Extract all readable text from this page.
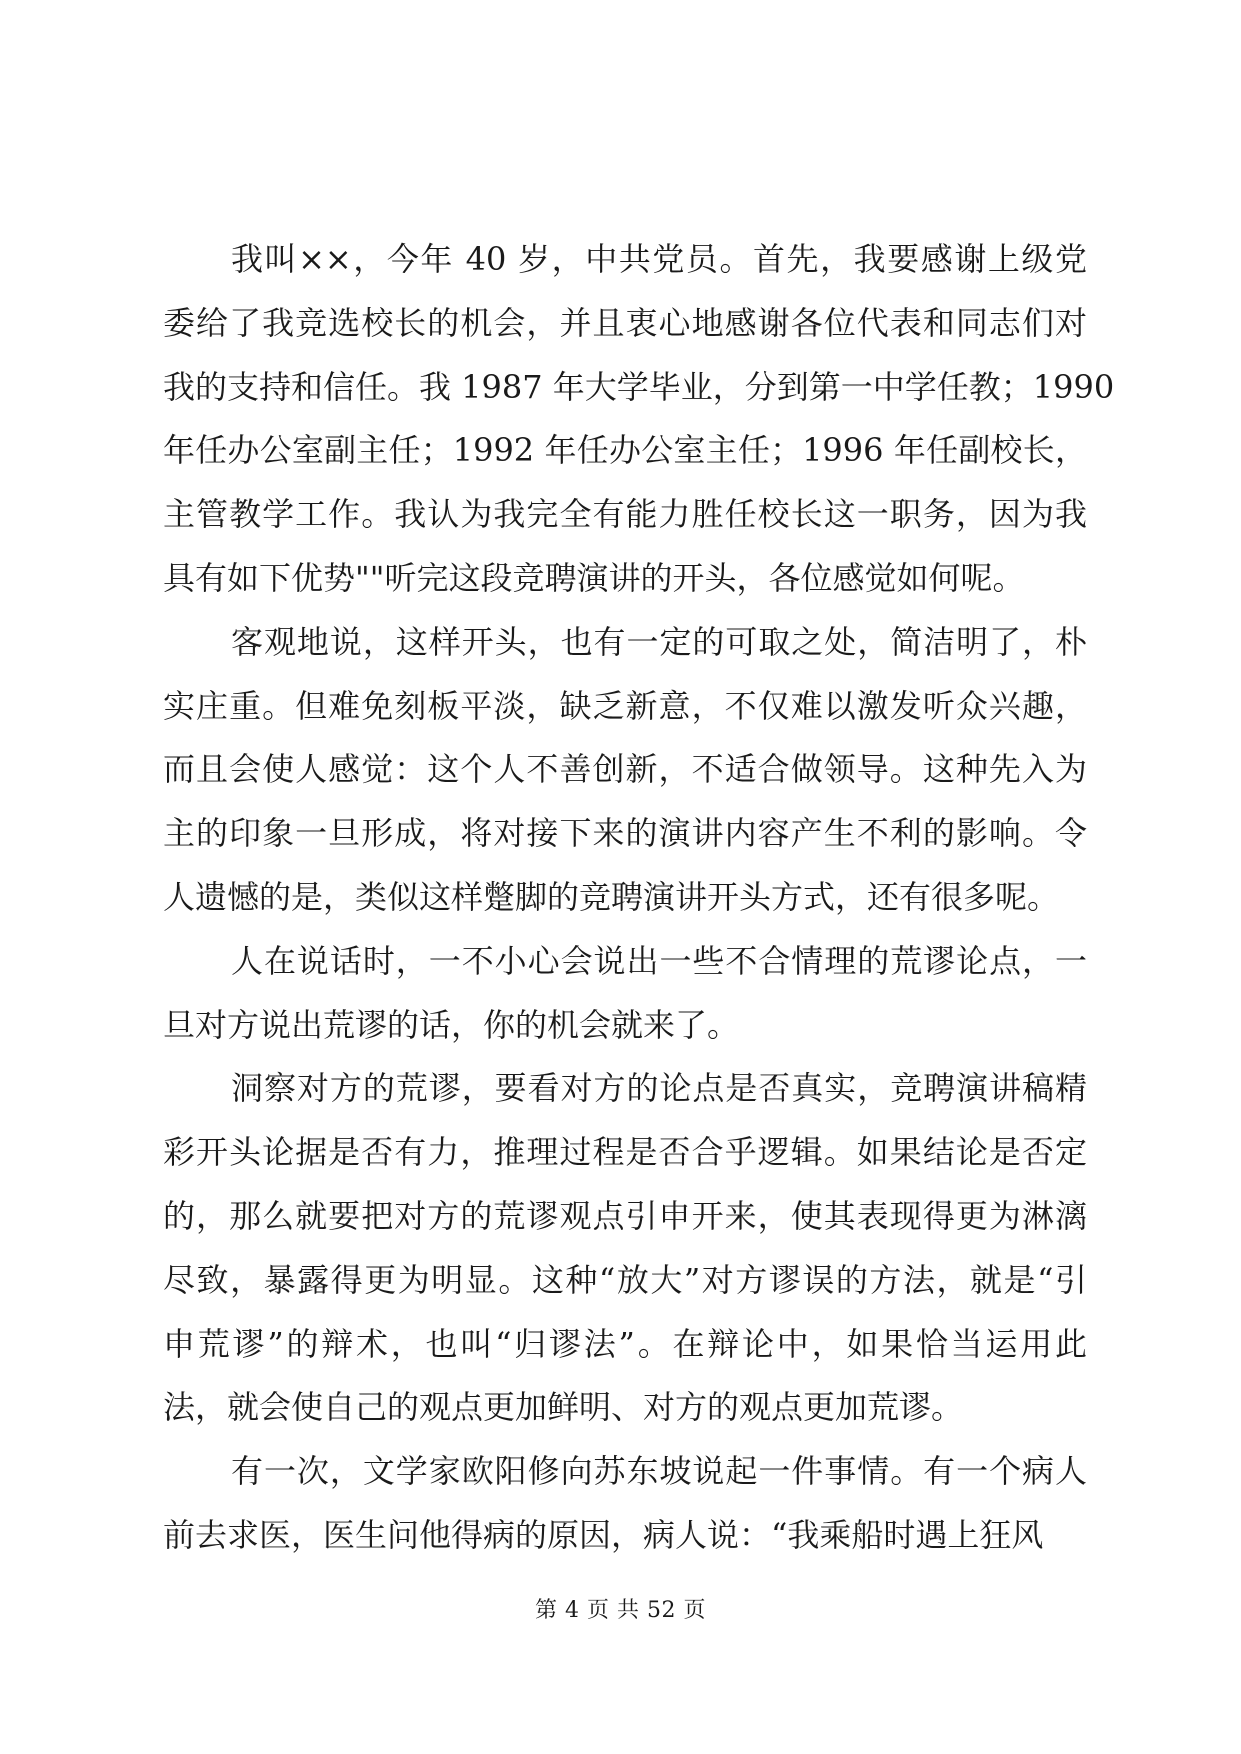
我叫××，今年 40 岁，中共党员。首先，我要感谢上级党
委给了我竞选校长的机会，并且衷心地感谢各位代表和同志们对
我的支持和信任。我 1987 年大学毕业，分到第一中学任教；1990
年任办公室副主任；1992 年任办公室主任；1996 年任副校长，
主管教学工作。我认为我完全有能力胜任校长这一职务，因为我
具有如下优势""听完这段竞聘演讲的开头，各位感觉如何呢。
客观地说，这样开头，也有一定的可取之处，简洁明了，朴
实庄重。但难免刻板平淡，缺乏新意，不仅难以激发听众兴趣，
而且会使人感觉：这个人不善创新，不适合做领导。这种先入为
主的印象一旦形成，将对接下来的演讲内容产生不利的影响。令
人遗憾的是，类似这样蹩脚的竞聘演讲开头方式，还有很多呢。
人在说话时，一不小心会说出一些不合情理的荒谬论点，一
旦对方说出荒谬的话，你的机会就来了。
洞察对方的荒谬，要看对方的论点是否真实，竞聘演讲稿精
彩开头论据是否有力，推理过程是否合乎逻辑。如果结论是否定
的，那么就要把对方的荒谬观点引申开来，使其表现得更为淋漓
尽致，暴露得更为明显。这种“放大”对方谬误的方法，就是“引
申荒谬”的辩术，也叫“归谬法”。在辩论中，如果恰当运用此
法，就会使自己的观点更加鲜明、对方的观点更加荒谬。
有一次，文学家欧阳修向苏东坡说起一件事情。有一个病人
前去求医，医生问他得病的原因，病人说：“我乘船时遇上狂风
第 4 页 共 52 页
